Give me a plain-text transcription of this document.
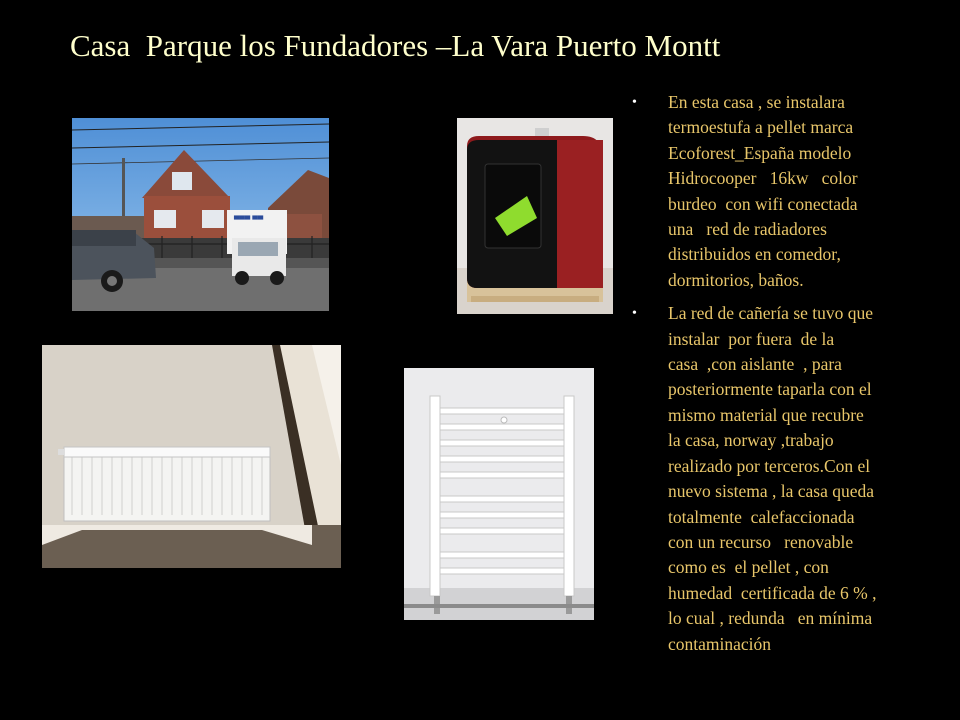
Casa  Parque los Fundadores –La Vara Puerto Montt
▀▀▀ ▀▀
• En esta casa , se instalara
termoestufa a pellet marca
Ecoforest_España modelo
Hidrocooper   16kw   color
burdeo  con wifi conectada
una   red de radiadores
distribuidos en comedor,
dormitorios, baños.
• La red de cañería se tuvo que
instalar  por fuera  de la
casa  ,con aislante  , para
posteriormente taparla con el
mismo material que recubre
la casa, norway ,trabajo
realizado por terceros.Con el
nuevo sistema , la casa queda
totalmente  calefaccionada
con un recurso   renovable
como es  el pellet , con
humedad  certificada de 6 % ,
lo cual , redunda   en mínima
contaminación
